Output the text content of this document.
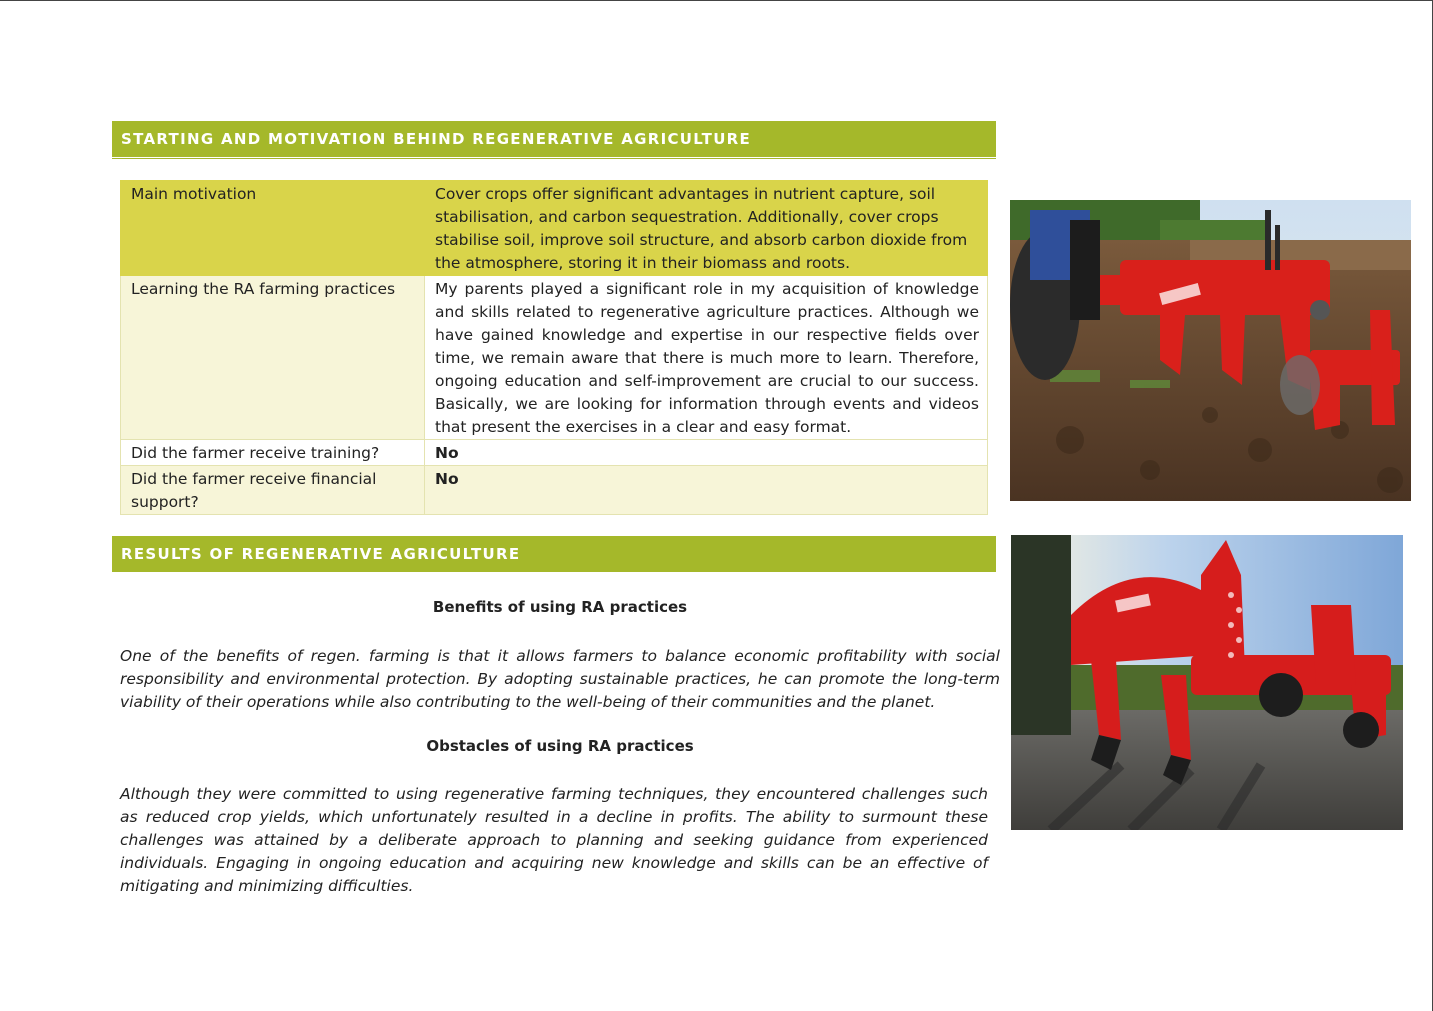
STARTING AND MOTIVATION BEHIND REGENERATIVE AGRICULTURE
Main motivation	Cover crops offer significant advantages in nutrient capture, soil stabilisation, and carbon sequestration. Additionally, cover crops stabilise soil, improve soil structure, and absorb carbon dioxide from the atmosphere, storing it in their biomass and roots.
Learning the RA farming practices	My parents played a significant role in my acquisition of knowledge and skills related to regenerative agriculture practices. Although we have gained knowledge and expertise in our respective fields over time, we remain aware that there is much more to learn. Therefore, ongoing education and self-improvement are crucial to our success. Basically, we are looking for information through events and videos that present the exercises in a clear and easy format.
Did the farmer receive training?	No
Did the farmer receive financial support?	No
RESULTS OF REGENERATIVE AGRICULTURE
Benefits of using RA practices
One of the benefits of regen. farming is that it allows farmers to balance economic profitability with social responsibility and environmental protection. By adopting sustainable practices, he can promote the long-term viability of their operations while also contributing to the well-being of their communities and the planet.
Obstacles of using RA practices
Although they were committed to using regenerative farming techniques, they encountered challenges such as reduced crop yields, which unfortunately resulted in a decline in profits. The ability to surmount these challenges was attained by a deliberate approach to planning and seeking guidance from experienced individuals. Engaging in ongoing education and acquiring new knowledge and skills can be an effective of mitigating and minimizing difficulties.
